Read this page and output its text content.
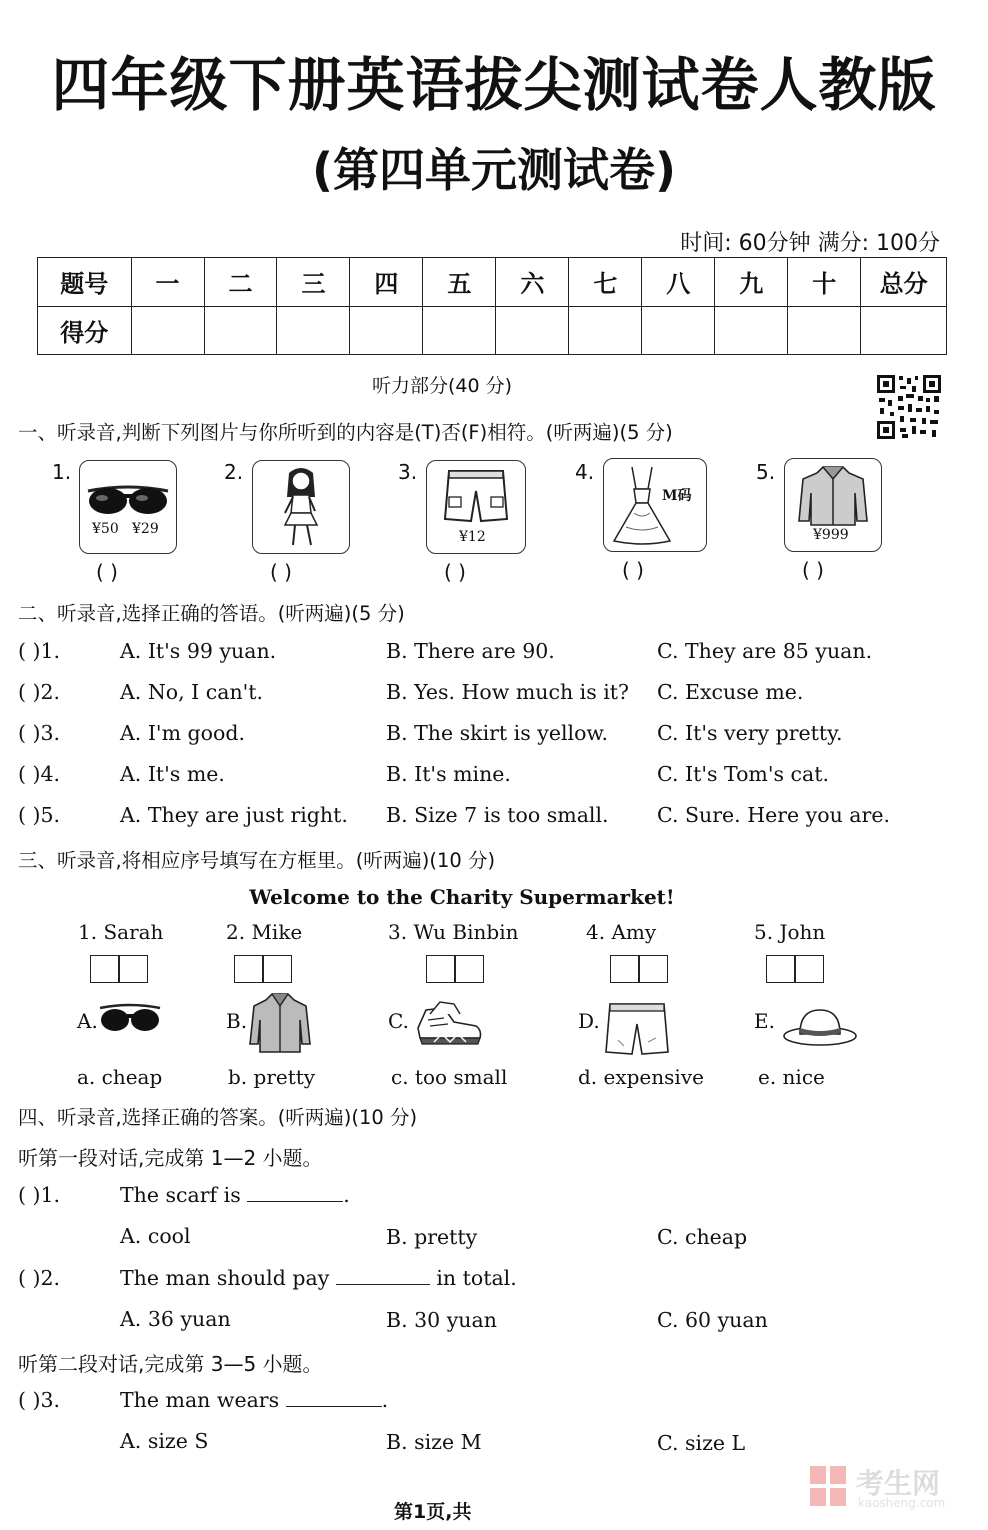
四年级下册英语拔尖测试卷人教版
(第四单元测试卷)
时间: 60分钟 满分: 100分
题号	一	二	三	四	五	六	七	八	九	十	总分
得分											
听力部分(40 分)
一、听录音,判断下列图片与你所听到的内容是(T)否(F)相符。(听两遍)(5 分)
1.
¥50 ¥29
2.	3.
¥12
4.
M码
5.
¥999
( )	( )	( )	( )	( )
二、听录音,选择正确的答语。(听两遍)(5 分)
( )1.	A. It's 99 yuan.	B. There are 90.	C. They are 85 yuan.
( )2.	A. No, I can't.	B. Yes. How much is it? C. Excuse me.
( )3.	A. I'm good.	B. The skirt is yellow. C. It's very pretty.
( )4.	A. It's me.	B. It's mine.	C. It's Tom's cat.
( )5.	A. They are just right. B. Size 7 is too small. C. Sure. Here you are.
三、听录音,将相应序号填写在方框里。(听两遍)(10 分)
Welcome to the Charity Supermarket!
1. Sarah	2. Mike	3. Wu Binbin	4. Amy	5. John
A.	B.	C.	D.	E.
a. cheap	b. pretty	c. too small	d. expensive	e. nice
四、听录音,选择正确的答案。(听两遍)(10 分)
听第一段对话,完成第 1—2 小题。
( )1.	The scarf is	.
A. cool	B. pretty	C. cheap
( )2.	The man should pay	in total.
A. 36 yuan	B. 30 yuan	C. 60 yuan
听第二段对话,完成第 3—5 小题。
( )3.	The man wears	.
A. size S	B. size M	C. size L
第1页,共
考生网
kaosheng.com
